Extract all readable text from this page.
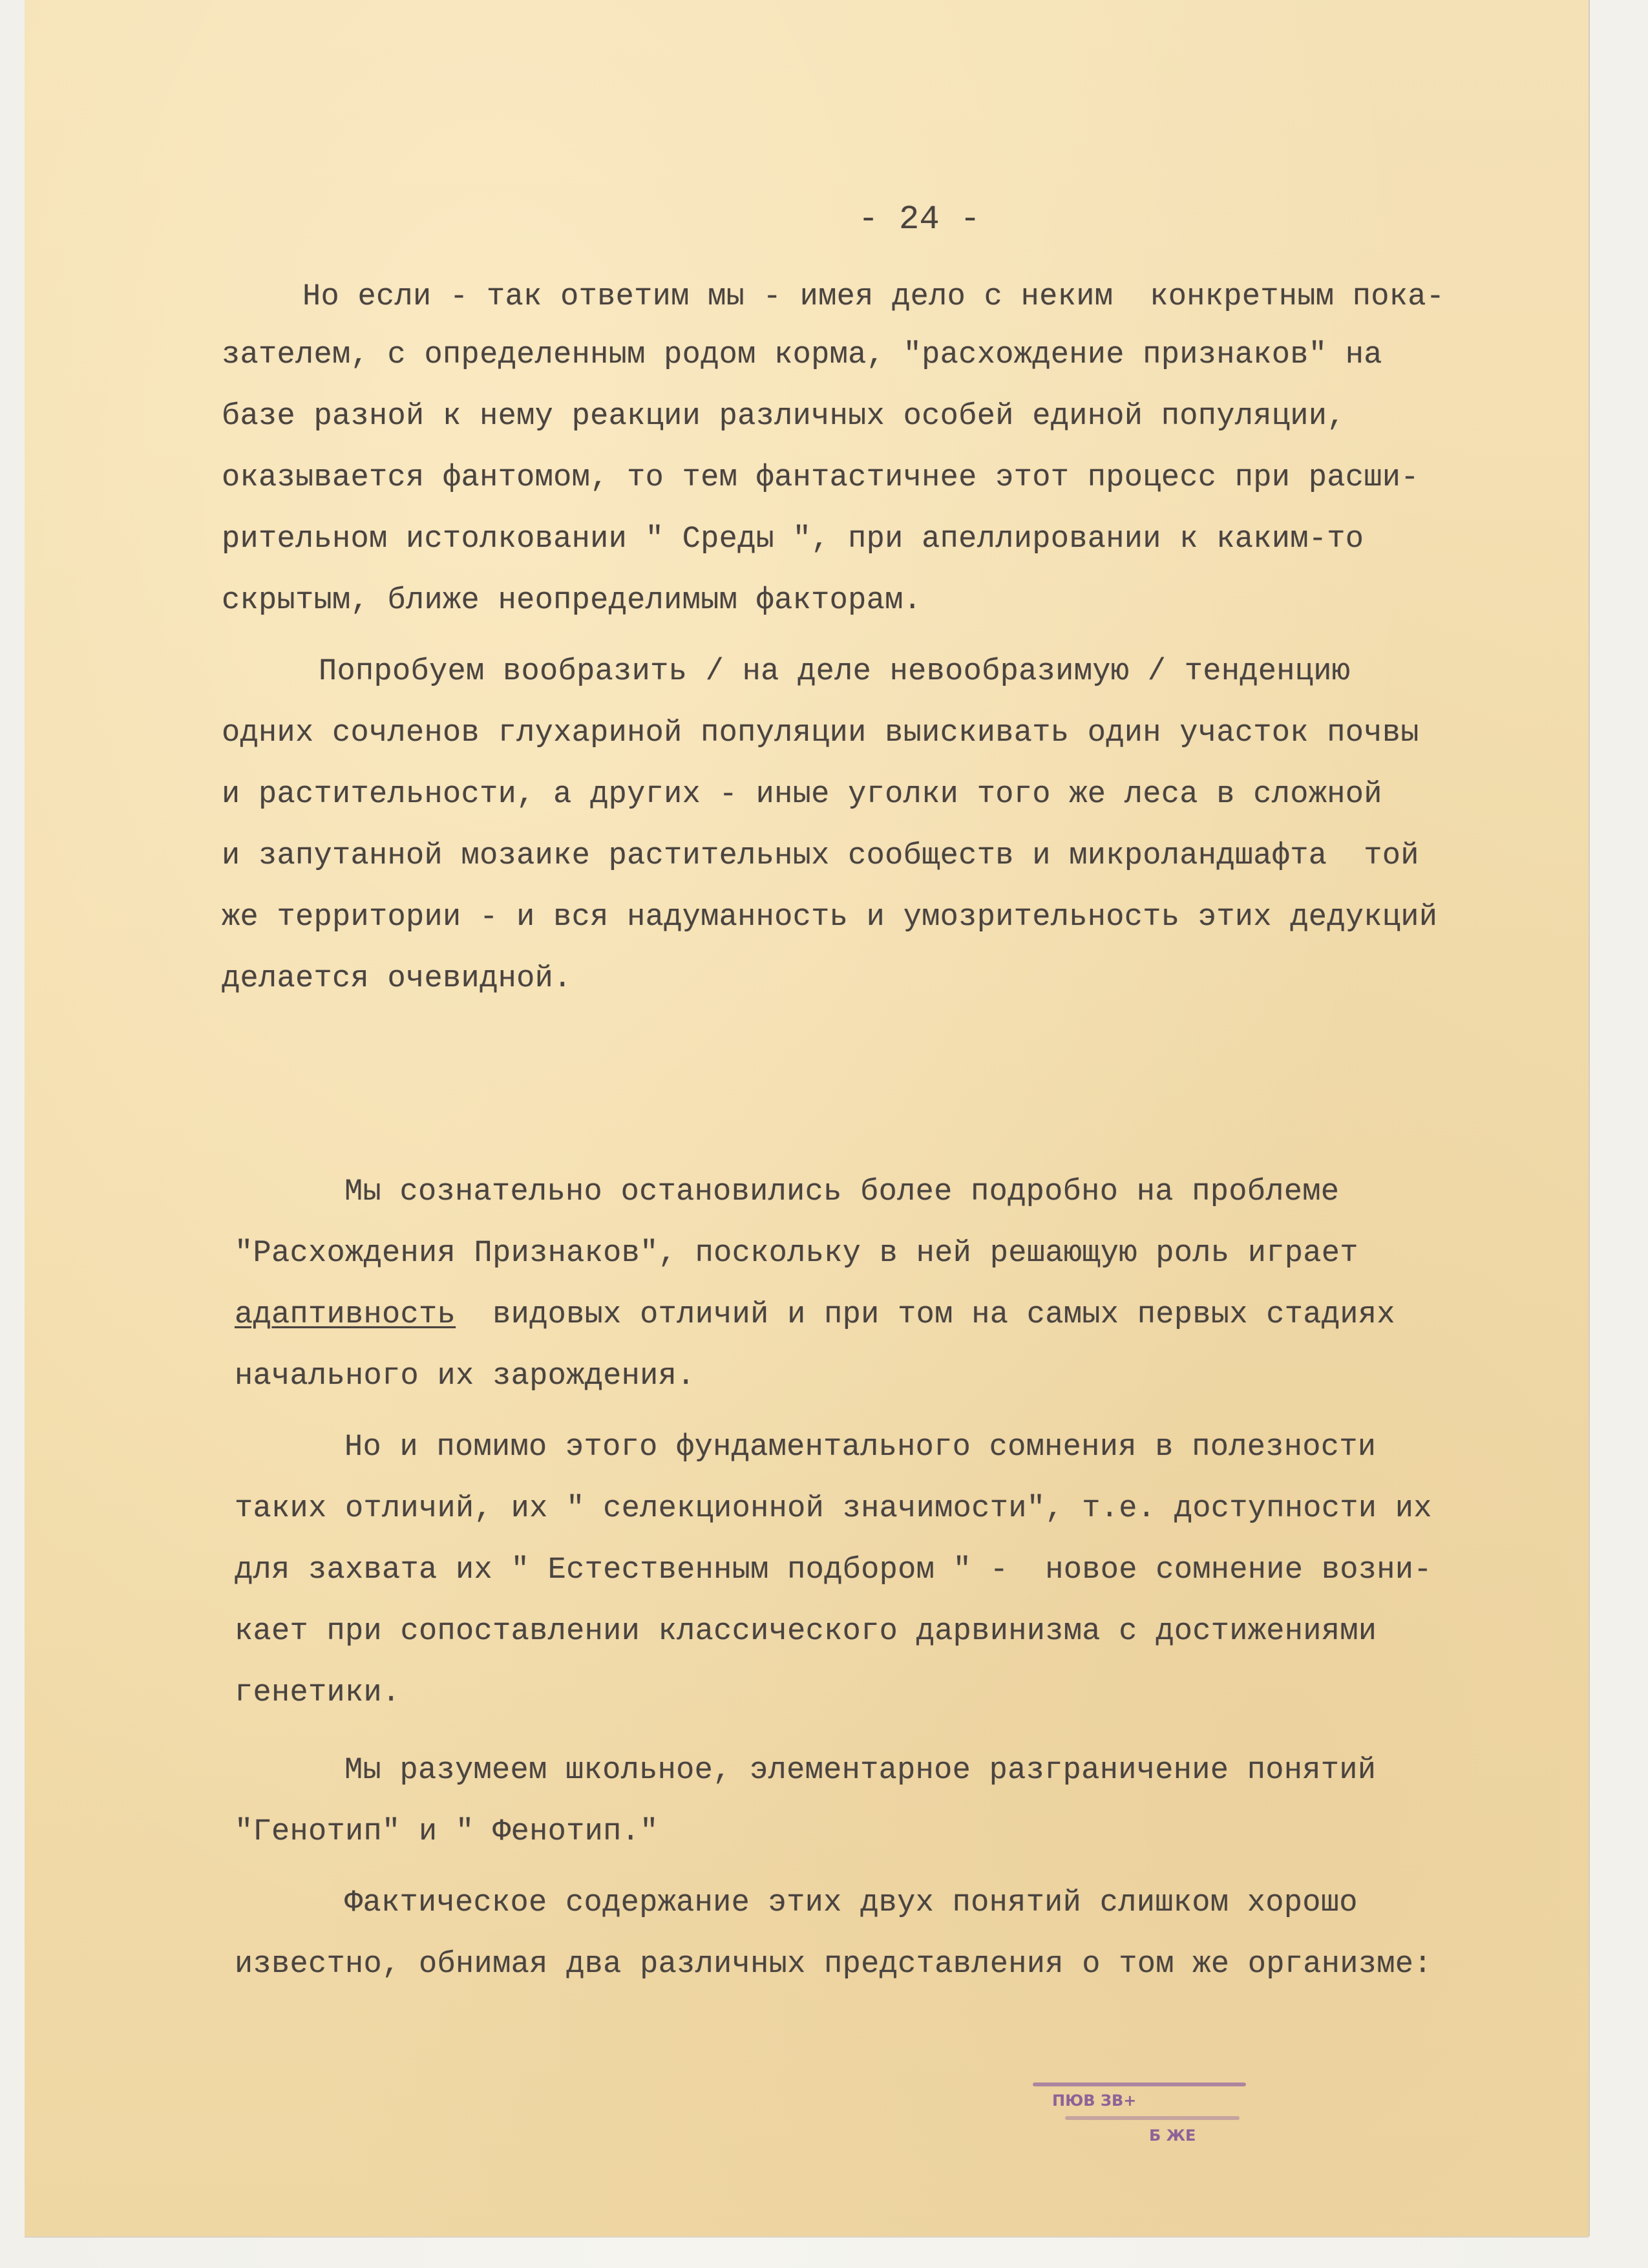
- 24 -
Но если - так ответим мы - имея дело с неким  конкретным пока-
зателем, с определенным родом корма, "расхождение признаков" на
базе разной к нему реакции различных особей единой популяции,
оказывается фантомом, то тем фантастичнее этот процесс при расши-
рительном истолковании " Среды ", при апеллировании к каким-то
скрытым, ближе неопределимым факторам.
Попробуем вообразить / на деле невообразимую / тенденцию
одних сочленов глухариной популяции выискивать один участок почвы
и растительности, а других - иные уголки того же леса в сложной
и запутанной мозаике растительных сообществ и микроландшафта  той
же территории - и вся надуманность и умозрительность этих дедукций
делается очевидной.
Мы сознательно остановились более подробно на проблеме
"Расхождения Признаков", поскольку в ней решающую роль играет
адаптивность  видовых отличий и при том на самых первых стадиях
начального их зарождения.
Но и помимо этого фундаментального сомнения в полезности
таких отличий, их " селекционной значимости", т.е. доступности их
для захвата их " Естественным подбором " -  новое сомнение возни-
кает при сопоставлении классического дарвинизма с достижениями
генетики.
Мы разумеем школьное, элементарное разграничение понятий
"Генотип" и " Фенотип."
Фактическое содержание этих двух понятий слишком хорошо
известно, обнимая два различных представления о том же организме:
ПЮВ ЗВ+
Б ЖЕ
